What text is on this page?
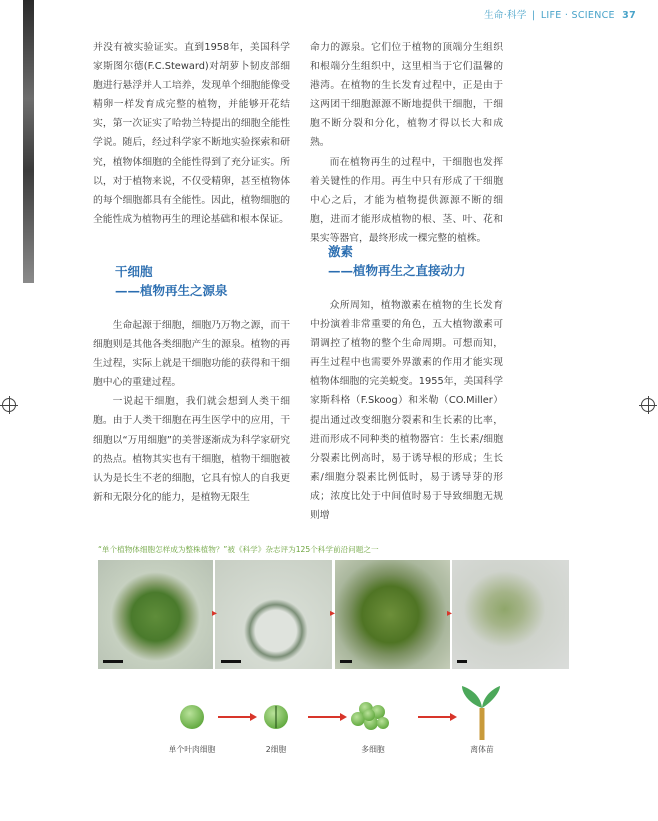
生命·科学 | LIFE · SCIENCE 37

并没有被实验证实。直到1958年，美国科学家斯图尔德(F.C.Steward)对胡萝卜韧皮部细胞进行悬浮并人工培养，发现单个细胞能像受精卵一样发育成完整的植物，并能够开花结实，第一次证实了哈勃兰特提出的细胞全能性学说。随后，经过科学家不断地实验探索和研究，植物体细胞的全能性得到了充分证实。所以，对于植物来说，不仅受精卵，甚至植物体的每个细胞都具有全能性。因此，植物细胞的全能性成为植物再生的理论基础和根本保证。

干细胞
——植物再生之源泉

生命起源于细胞，细胞乃万物之源，而干细胞则是其他各类细胞产生的源泉。植物的再生过程，实际上就是干细胞功能的获得和干细胞中心的重建过程。

一说起干细胞，我们就会想到人类干细胞。由于人类干细胞在再生医学中的应用，干细胞以“万用细胞”的美誉逐渐成为科学家研究的热点。植物其实也有干细胞，植物干细胞被认为是长生不老的细胞，它具有惊人的自我更新和无限分化的能力，是植物无限生

命力的源泉。它们位于植物的顶端分生组织和根端分生组织中，这里相当于它们温馨的港湾。在植物的生长发育过程中，正是由于这两团干细胞源源不断地提供干细胞，干细胞不断分裂和分化，植物才得以长大和成熟。

而在植物再生的过程中，干细胞也发挥着关键性的作用。再生中只有形成了干细胞中心之后，才能为植物提供源源不断的细胞，进而才能形成植物的根、茎、叶、花和果实等器官，最终形成一棵完整的植株。

激素
——植物再生之直接动力

众所周知，植物激素在植物的生长发育中扮演着非常重要的角色，五大植物激素可谓调控了植物的整个生命周期。可想而知，再生过程中也需要外界激素的作用才能实现植物体细胞的完美蜕变。1955年，美国科学家斯科格（F.Skoog）和米勒（CO.Miller）提出通过改变细胞分裂素和生长素的比率，进而形成不同种类的植物器官：生长素/细胞分裂素比例高时，易于诱导根的形成；生长素/细胞分裂素比例低时，易于诱导芽的形成；浓度比处于中间值时易于导致细胞无规则增

“单个植物体细胞怎样成为整株植物？”被《科学》杂志评为125个科学前沿问题之一
▸	▸	▸
单个叶肉细胞	2细胞	多细胞	离体苗
